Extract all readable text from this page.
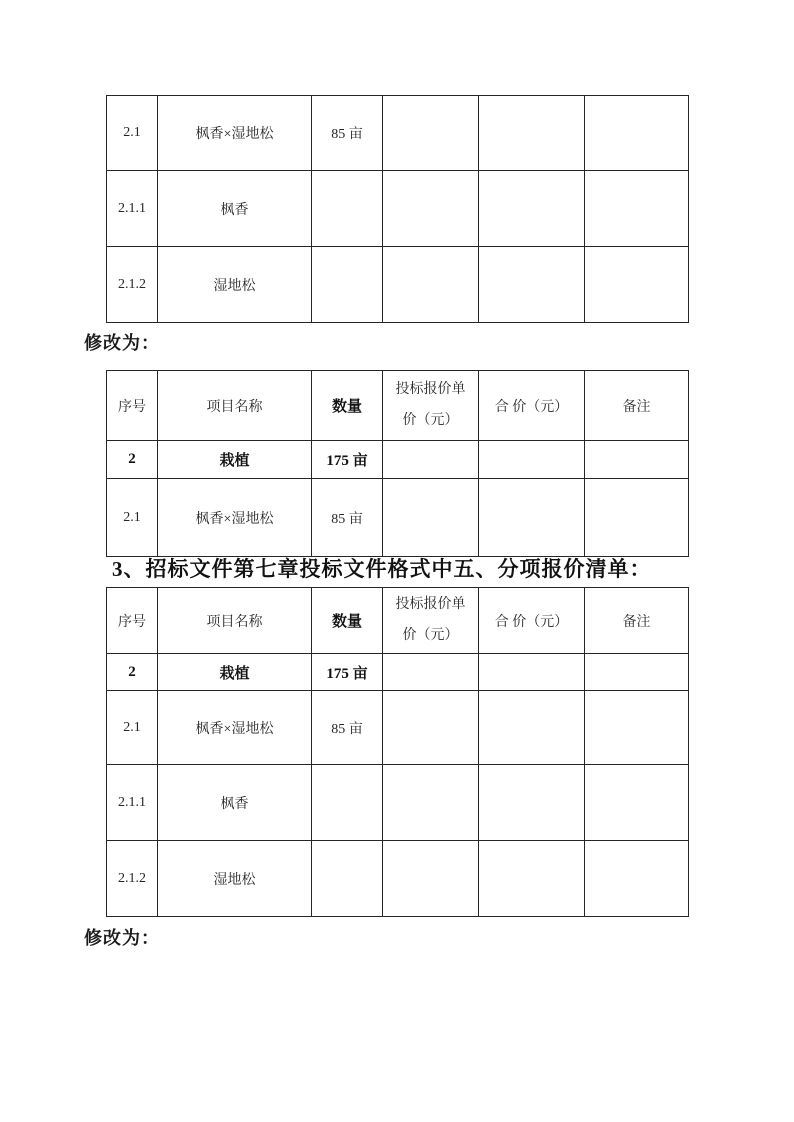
2.1	枫香×湿地松	85 亩			
2.1.1	枫香				
2.1.2	湿地松				
修改为：
序号	项目名称	数量	投标报价单价（元）	合 价（元）	备注
2	栽植	175 亩			
2.1	枫香×湿地松	85 亩			
3、招标文件第七章投标文件格式中五、分项报价清单：
序号	项目名称	数量	投标报价单价（元）	合 价（元）	备注
2	栽植	175 亩			
2.1	枫香×湿地松	85 亩			
2.1.1	枫香				
2.1.2	湿地松				
修改为：
